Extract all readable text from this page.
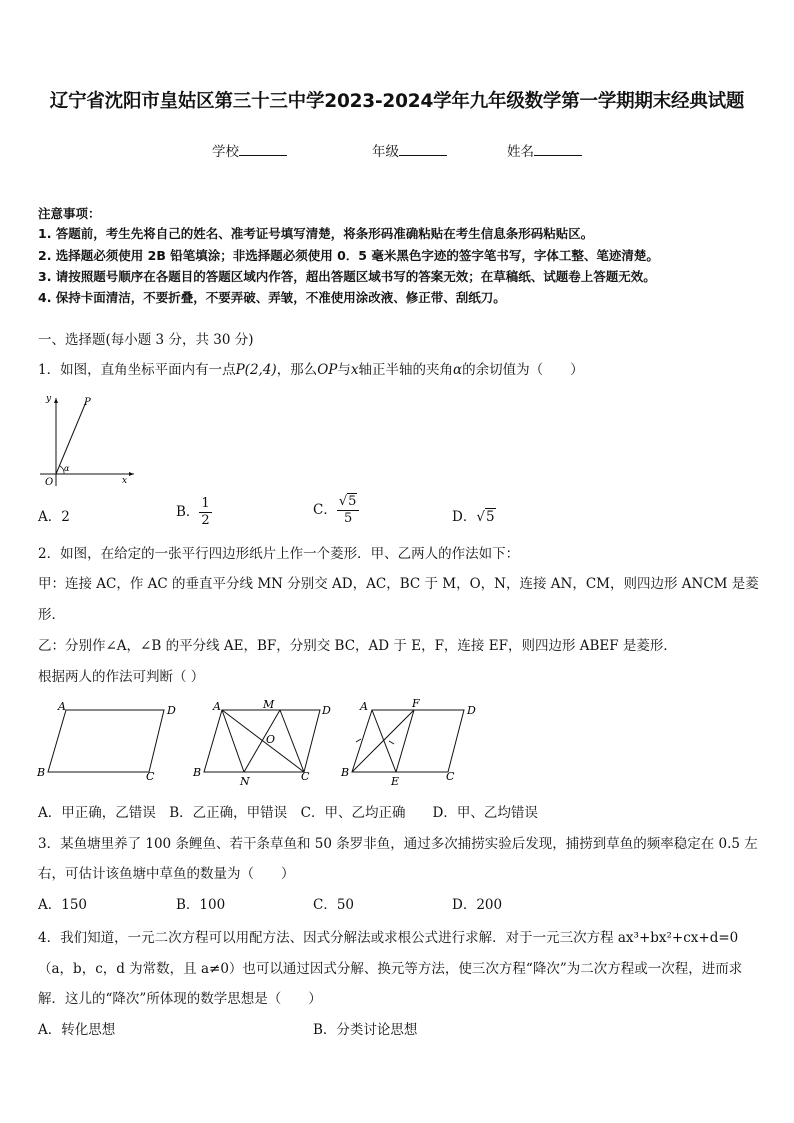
辽宁省沈阳市皇姑区第三十三中学2023-2024学年九年级数学第一学期期末经典试题
学校	年级	姓名
注意事项：
1. 答题前，考生先将自己的姓名、准考证号填写清楚，将条形码准确粘贴在考生信息条形码粘贴区。
2. 选择题必须使用 2B 铅笔填涂；非选择题必须使用 0．5 毫米黑色字迹的签字笔书写，字体工整、笔迹清楚。
3. 请按照题号顺序在各题目的答题区域内作答，超出答题区域书写的答案无效；在草稿纸、试题卷上答题无效。
4. 保持卡面清洁，不要折叠，不要弄破、弄皱，不准使用涂改液、修正带、刮纸刀。
一、选择题(每小题 3 分，共 30 分)
1．如图，直角坐标平面内有一点P(2,4)，那么OP与x轴正半轴的夹角α的余切值为（　　）
y	P
O
α
x
A．2	B． $\frac{1}{2}$	C． $\frac{√5}{5}$	D．√5
2．如图，在给定的一张平行四边形纸片上作一个菱形．甲、乙两人的作法如下：
甲：连接 AC，作 AC 的垂直平分线 MN 分别交 AD，AC，BC 于 M，O，N，连接 AN，CM，则四边形 ANCM 是菱
形．
乙：分别作∠A，∠B 的平分线 AE，BF，分别交 BC，AD 于 E，F，连接 EF，则四边形 ABEF 是菱形．
根据两人的作法可判断（ ）
A	D
B	C
A	M	D
O
B
N	C
A	F
D
B
E	C
A．甲正确，乙错误　B．乙正确，甲错误　C．甲、乙均正确　　D．甲、乙均错误
3．某鱼塘里养了 100 条鲤鱼、若干条草鱼和 50 条罗非鱼，通过多次捕捞实验后发现，捕捞到草鱼的频率稳定在 0.5 左
右，可估计该鱼塘中草鱼的数量为（　　）
A．150	B．100	C．50	D．200
4．我们知道，一元二次方程可以用配方法、因式分解法或求根公式进行求解．对于一元三次方程 ax³+bx²+cx+d=0
（a，b，c，d 为常数，且 a≠0）也可以通过因式分解、换元等方法，使三次方程“降次”为二次方程或一次程，进而求
解．这儿的“降次”所体现的数学思想是（　　）
A．转化思想	B．分类讨论思想
